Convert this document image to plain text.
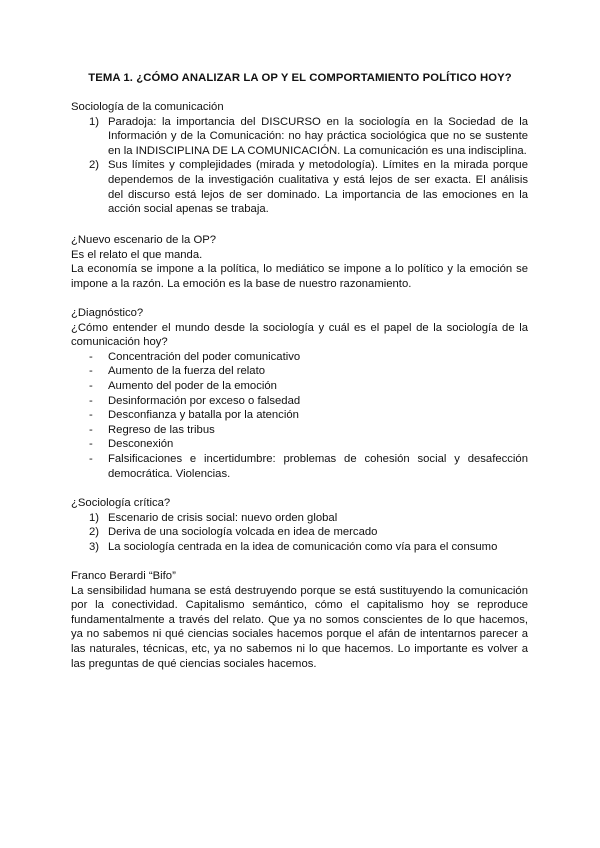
TEMA 1. ¿CÓMO ANALIZAR LA OP Y EL COMPORTAMIENTO POLÍTICO HOY?

Sociología de la comunicación

1) Paradoja: la importancia del DISCURSO en la sociología en la Sociedad de la Información y de la Comunicación: no hay práctica sociológica que no se sustente en la INDISCIPLINA DE LA COMUNICACIÓN. La comunicación es una indisciplina.
2) Sus límites y complejidades (mirada y metodología). Límites en la mirada porque dependemos de la investigación cualitativa y está lejos de ser exacta. El análisis del discurso está lejos de ser dominado. La importancia de las emociones en la acción social apenas se trabaja.

¿Nuevo escenario de la OP?

Es el relato el que manda.

La economía se impone a la política, lo mediático se impone a lo político y la emoción se impone a la razón. La emoción es la base de nuestro razonamiento.

¿Diagnóstico?

¿Cómo entender el mundo desde la sociología y cuál es el papel de la sociología de la comunicación hoy?

- Concentración del poder comunicativo
- Aumento de la fuerza del relato
- Aumento del poder de la emoción
- Desinformación por exceso o falsedad
- Desconfianza y batalla por la atención
- Regreso de las tribus
- Desconexión
- Falsificaciones e incertidumbre: problemas de cohesión social y desafección democrática. Violencias.

¿Sociología crítica?

1) Escenario de crisis social: nuevo orden global
2) Deriva de una sociología volcada en idea de mercado
3) La sociología centrada en la idea de comunicación como vía para el consumo

Franco Berardi “Bifo”

La sensibilidad humana se está destruyendo porque se está sustituyendo la comunicación por la conectividad. Capitalismo semántico, cómo el capitalismo hoy se reproduce fundamentalmente a través del relato. Que ya no somos conscientes de lo que hacemos, ya no sabemos ni qué ciencias sociales hacemos porque el afán de intentarnos parecer a las naturales, técnicas, etc, ya no sabemos ni lo que hacemos. Lo importante es volver a las preguntas de qué ciencias sociales hacemos.
